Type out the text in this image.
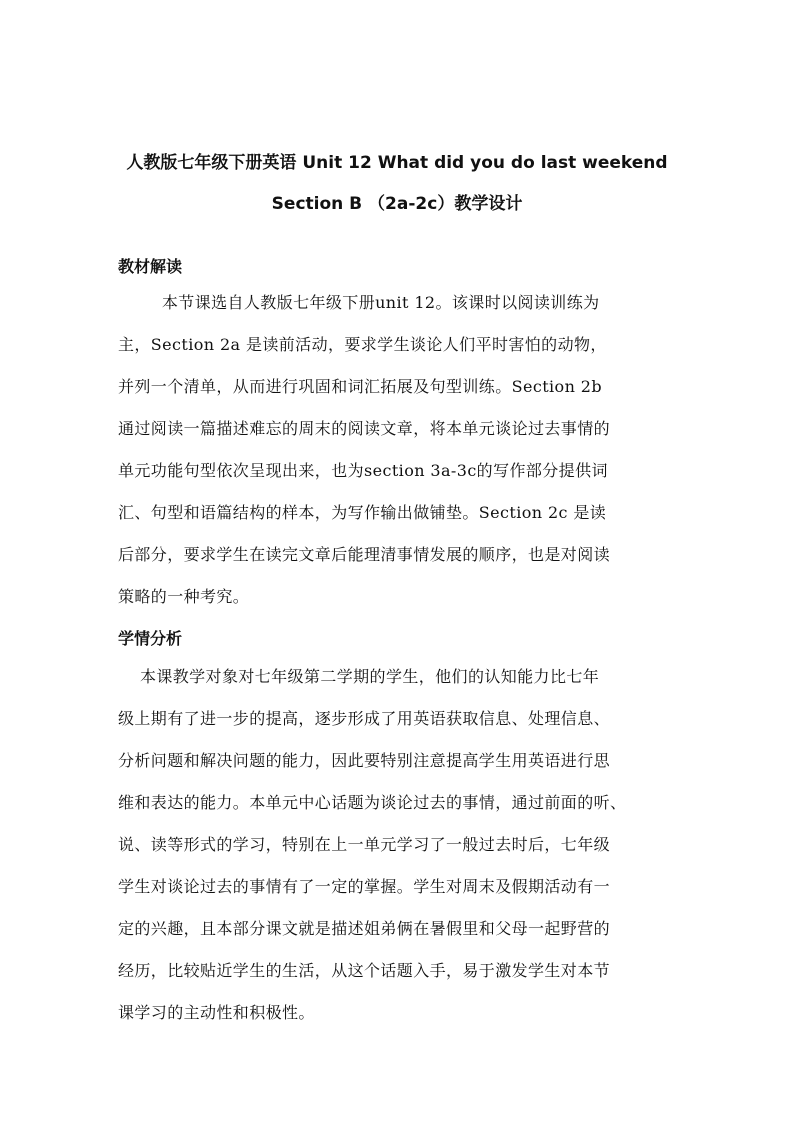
人教版七年级下册英语 Unit 12 What did you do last weekend
Section B （2a-2c）教学设计
教材解读
本节课选自人教版七年级下册unit 12。该课时以阅读训练为
主，Section 2a 是读前活动，要求学生谈论人们平时害怕的动物，
并列一个清单，从而进行巩固和词汇拓展及句型训练。Section 2b
通过阅读一篇描述难忘的周末的阅读文章，将本单元谈论过去事情的
单元功能句型依次呈现出来，也为section 3a-3c的写作部分提供词
汇、句型和语篇结构的样本，为写作输出做铺垫。Section 2c 是读
后部分，要求学生在读完文章后能理清事情发展的顺序，也是对阅读
策略的一种考究。
学情分析
本课教学对象对七年级第二学期的学生，他们的认知能力比七年
级上期有了进一步的提高，逐步形成了用英语获取信息、处理信息、
分析问题和解决问题的能力，因此要特别注意提高学生用英语进行思
维和表达的能力。本单元中心话题为谈论过去的事情，通过前面的听、
说、读等形式的学习，特别在上一单元学习了一般过去时后，七年级
学生对谈论过去的事情有了一定的掌握。学生对周末及假期活动有一
定的兴趣，且本部分课文就是描述姐弟俩在暑假里和父母一起野营的
经历，比较贴近学生的生活，从这个话题入手，易于激发学生对本节
课学习的主动性和积极性。
